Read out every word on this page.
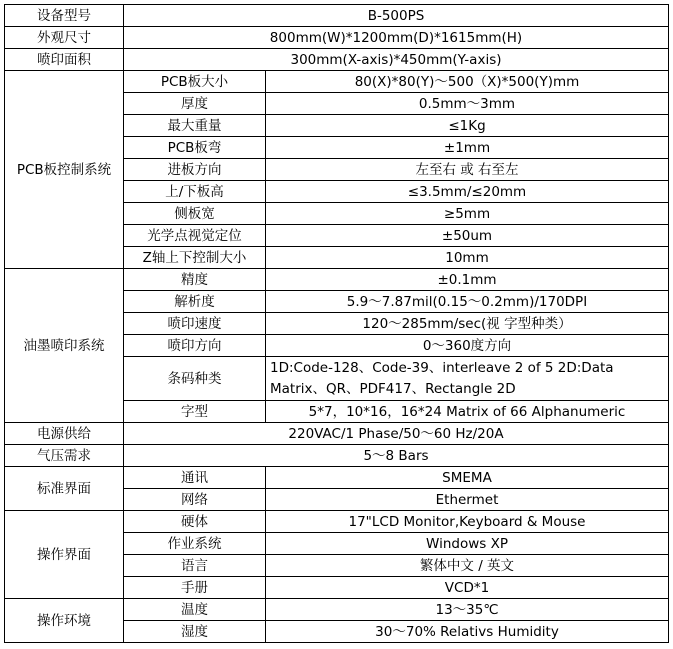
设备型号	B-500PS	
外观尺寸	800mm(W)*1200mm(D)*1615mm(H)	
喷印面积	300mm(X-axis)*450mm(Y-axis)	
PCB板控制系统	PCB板大小	80(X)*80(Y)～500（X)*500(Y)mm
	厚度	0.5mm～3mm
	最大重量	≤1Kg
	PCB板弯	±1mm
	进板方向	左至右 或 右至左
	上/下板高	≤3.5mm/≤20mm
	侧板宽	≥5mm
	光学点视觉定位	±50um
	Z轴上下控制大小	10mm
油墨喷印系统	精度	±0.1mm
	解析度	5.9～7.87mil(0.15～0.2mm)/170DPI
	喷印速度	120～285mm/sec(视 字型种类）
	喷印方向	0～360度方向
	条码种类	1D:Code-128、Code-39、interleave 2 of 5 2D:Data Matrix、QR、PDF417、Rectangle 2D
	字型	5*7，10*16，16*24 Matrix of 66 Alphanumeric
电源供给	220VAC/1 Phase/50～60 Hz/20A	
气压需求	5～8 Bars	
标准界面	通讯	SMEMA
	网络	Ethermet
操作界面	硬体	17"LCD Monitor,Keyboard & Mouse
	作业系统	Windows XP
	语言	繁体中文 / 英文
	手册	VCD*1
操作环境	温度	13～35℃
	湿度	30～70% Relativs Humidity
